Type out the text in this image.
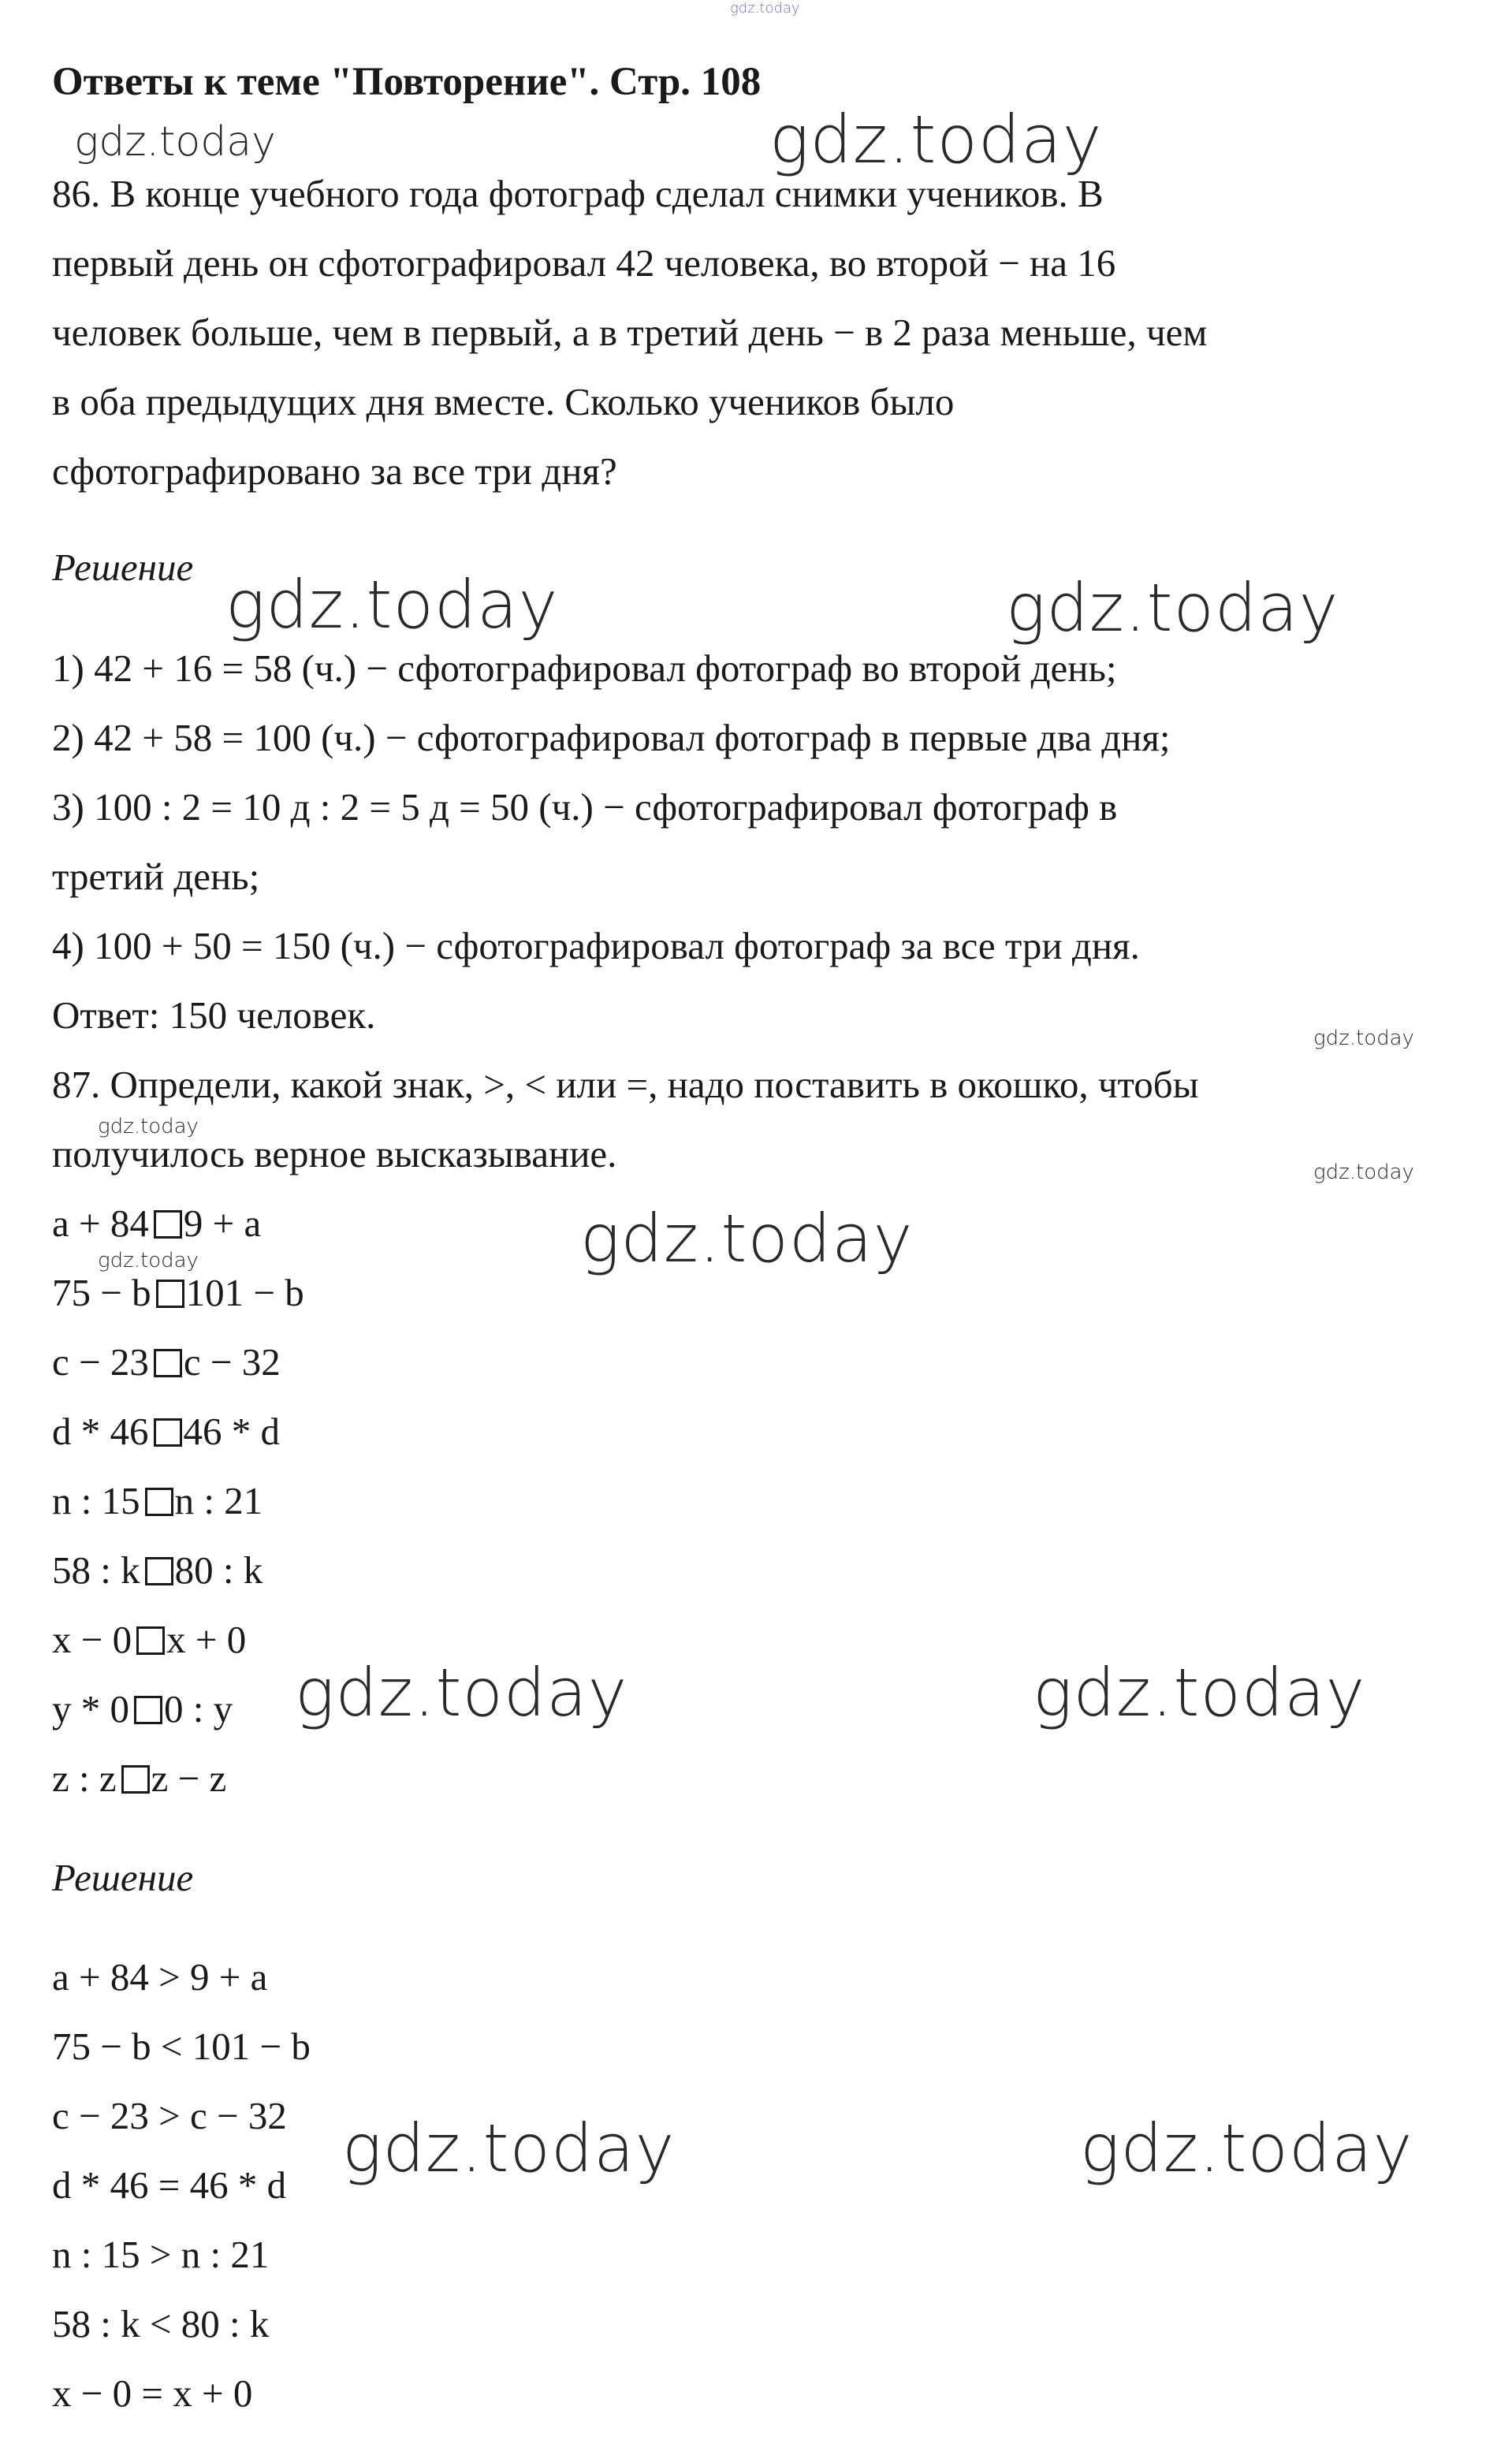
gdz.today
Ответы к теме "Повторение". Стр. 108
86. В конце учебного года фотограф сделал снимки учеников. В
первый день он сфотографировал 42 человека, во второй − на 16
человек больше, чем в первый, а в третий день − в 2 раза меньше, чем
в оба предыдущих дня вместе. Сколько учеников было
сфотографировано за все три дня?
Решение
1) 42 + 16 = 58 (ч.) − сфотографировал фотограф во второй день;
2) 42 + 58 = 100 (ч.) − сфотографировал фотограф в первые два дня;
3) 100 : 2 = 10 д : 2 = 5 д = 50 (ч.) − сфотографировал фотограф в
третий день;
4) 100 + 50 = 150 (ч.) − сфотографировал фотограф за все три дня.
Ответ: 150 человек.
87. Определи, какой знак, >, < или =, надо поставить в окошко, чтобы
получилось верное высказывание.
a + 84 9 + a
75 − b 101 − b
c − 23 c − 32
d * 46 46 * d
n : 15 n : 21
58 : k 80 : k
x − 0 x + 0
y * 0 0 : y
z : z z − z
Решение
a + 84 > 9 + a
75 − b < 101 − b
c − 23 > c − 32
d * 46 = 46 * d
n : 15 > n : 21
58 : k < 80 : k
x − 0 = x + 0
gdz.today	gdz.today
gdz.today	gdz.today
gdz.today
gdz.today
gdz.today
gdz.today
gdz.today
gdz.today	gdz.today
gdz.today	gdz.today
